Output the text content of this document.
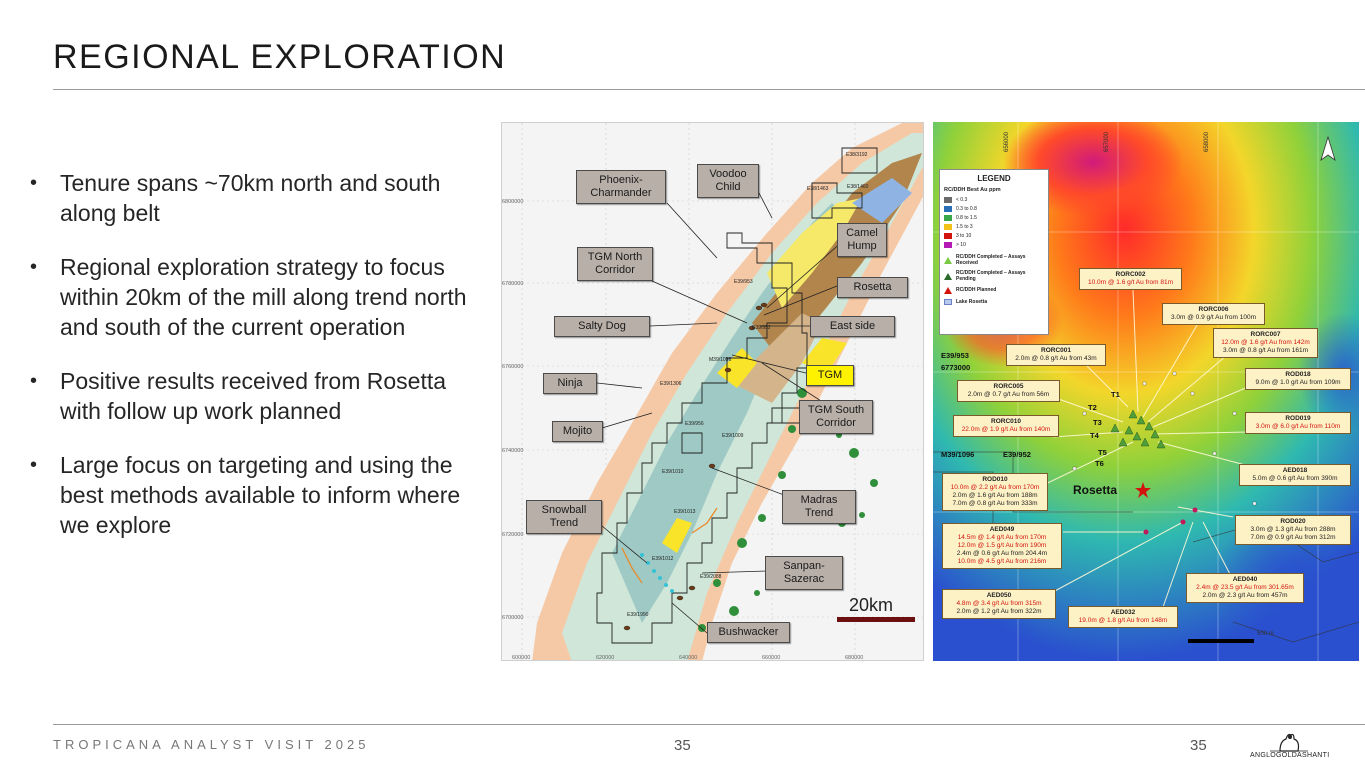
REGIONAL EXPLORATION
• Tenure spans ~70km north and south along belt
• Regional exploration strategy to focus within 20km of the mill along trend north and south of the current operation
• Positive results received from Rosetta with follow up work planned
• Large focus on targeting and using the best methods available to inform where we explore
6800000
6780000
6760000
6740000
6720000
6700000
600000	620000	640000	660000	680000
E38/3192
E38/1463	E38/1460
E39/953
E39/952
M39/1096
E39/1306
E39/956
E39/1009
E39/1010
E39/1013
E39/1012
E39/2088
E39/1990
Phoenix-
Charmander
Voodoo
Child
Camel
Hump
TGM North
Corridor
Rosetta
Salty Dog	East side
TGM
Ninja
TGM South
Corridor
Mojito
Madras
Trend
Snowball
Trend
Sanpan-
Sazerac
Bushwacker
20km
656000	657000	658000
500 m
LEGEND
RC/DDH Best Au ppm
< 0.3
0.3 to 0.8
0.8 to 1.5
1.5 to 3
3 to 10
> 10
RC/DDH Completed – Assays Received
RC/DDH Completed – Assays Pending
RC/DDH Planned
Lake Rosetta
E39/953
6773000
M39/1096	E39/952
Rosetta
T1
T2
T3
T4
T5
T6
RORC002
10.0m @ 1.6 g/t Au from 81m
RORC006
3.0m @ 0.9 g/t Au from 100m
RORC007
12.0m @ 1.6 g/t Au from 142m
3.0m @ 0.8 g/t Au from 161m
RORC001
2.0m @ 0.8 g/t Au from 43m
ROD018
9.0m @ 1.0 g/t Au from 109m
RORC005
2.0m @ 0.7 g/t Au from 56m
ROD019
3.0m @ 6.0 g/t Au from 110m
RORC010
22.0m @ 1.9 g/t Au from 140m
AED018
5.0m @ 0.6 g/t Au from 390m
ROD010
10.0m @ 2.2 g/t Au from 170m
2.0m @ 1.6 g/t Au from 188m
7.0m @ 0.8 g/t Au from 333m
ROD020
3.0m @ 1.3 g/t Au from 288m
7.0m @ 0.9 g/t Au from 312m
AED049
14.5m @ 1.4 g/t Au from 170m
12.0m @ 1.5 g/t Au from 190m
2.4m @ 0.6 g/t Au from 204.4m
10.0m @ 4.5 g/t Au from 216m
AED040
2.4m @ 23.5 g/t Au from 301.65m
2.0m @ 2.3 g/t Au from 457m
AED050
4.8m @ 3.4 g/t Au from 315m
2.0m @ 1.2 g/t Au from 322m	AED032
19.0m @ 1.8 g/t Au from 148m
TROPICANA ANALYST VISIT 2025	35	35
ANGLOGOLDASHANTI
